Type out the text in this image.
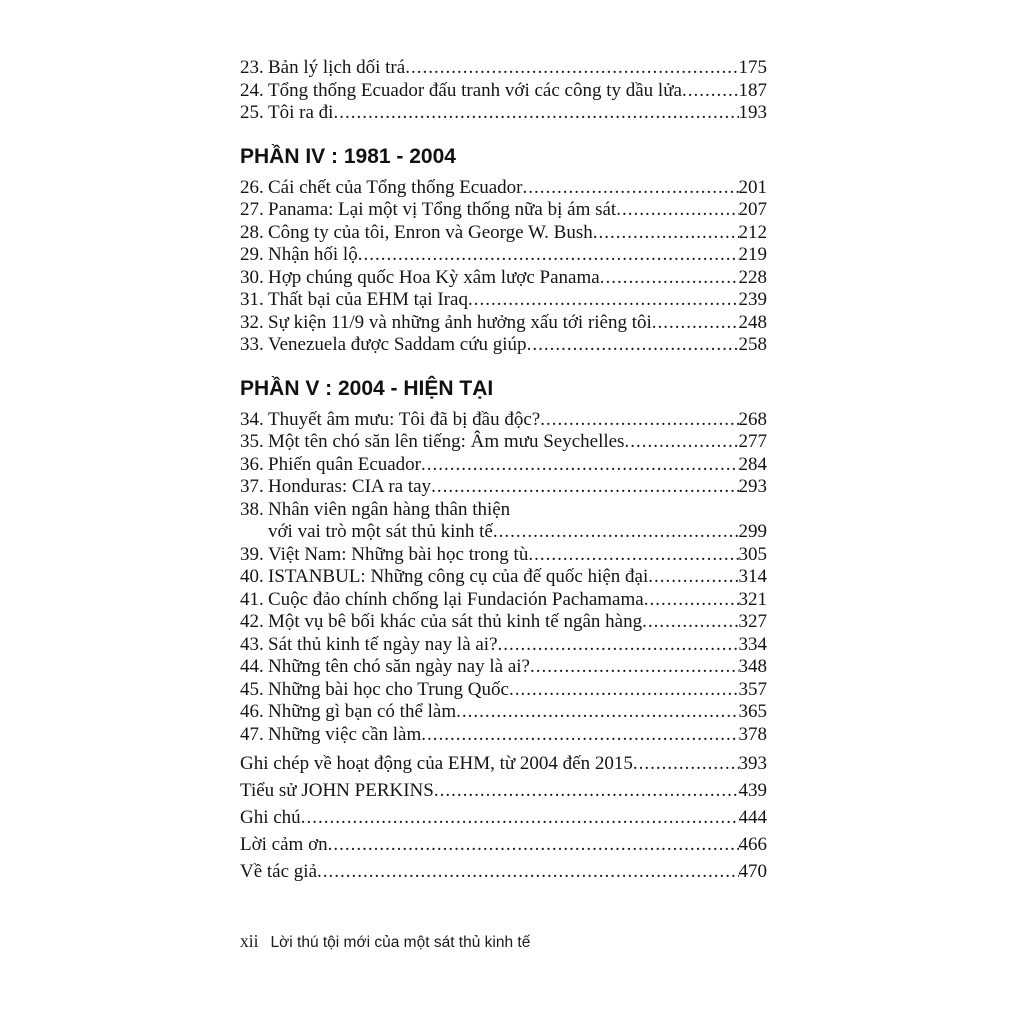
23. Bản lý lịch dối trá .....	175
24. Tổng thống Ecuador đấu tranh với các công ty dầu lửa .....	187
25. Tôi ra đi .....	193
PHẦN IV : 1981 - 2004
26. Cái chết của Tổng thống Ecuador .....	201
27. Panama: Lại một vị Tổng thống nữa bị ám sát .....	207
28. Công ty của tôi, Enron và George W. Bush .....	212
29. Nhận hối lộ .....	219
30. Hợp chúng quốc Hoa Kỳ xâm lược Panama .....	228
31. Thất bại của EHM tại Iraq .....	239
32. Sự kiện 11/9 và những ảnh hưởng xấu tới riêng tôi .....	248
33. Venezuela được Saddam cứu giúp .....	258
PHẦN V : 2004 - HIỆN TẠI
34. Thuyết âm mưu: Tôi đã bị đầu độc? .....	268
35. Một tên chó săn lên tiếng: Âm mưu Seychelles .....	277
36. Phiến quân Ecuador .....	284
37. Honduras: CIA ra tay .....	293
38. Nhân viên ngân hàng thân thiện
với vai trò một sát thủ kinh tế .....	299
39. Việt Nam: Những bài học trong tù .....	305
40. ISTANBUL: Những công cụ của đế quốc hiện đại .....	314
41. Cuộc đảo chính chống lại Fundación Pachamama .....	321
42. Một vụ bê bối khác của sát thủ kinh tế ngân hàng .....	327
43. Sát thủ kinh tế ngày nay là ai? .....	334
44. Những tên chó săn ngày nay là ai? .....	348
45. Những bài học cho Trung Quốc .....	357
46. Những gì bạn có thể làm .....	365
47. Những việc cần làm .....	378
Ghi chép về hoạt động của EHM, từ 2004 đến 2015 .....	393
Tiểu sử JOHN PERKINS .....	439
Ghi chú .....	444
Lời cảm ơn .....	466
Về tác giả .....	470
xii Lời thú tội mới của một sát thủ kinh tế
